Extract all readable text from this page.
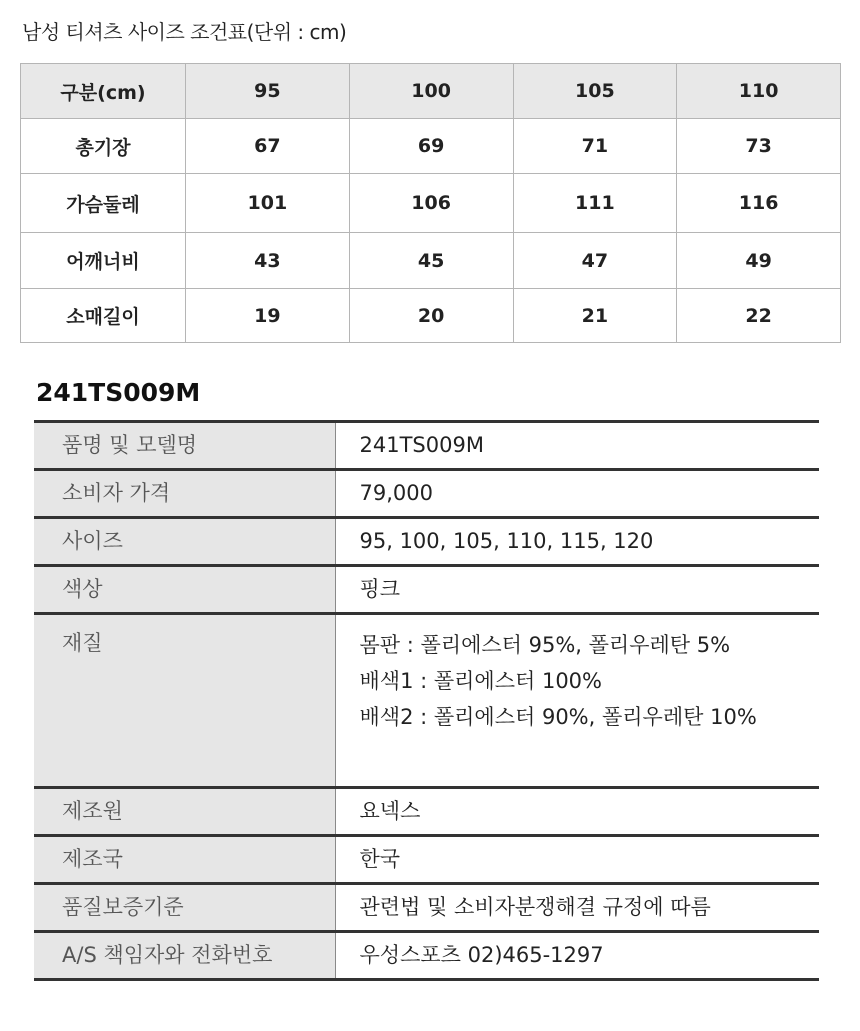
남성 티셔츠 사이즈 조건표(단위 : cm)
구분(cm)	95	100	105	110
총기장	67	69	71	73
가슴둘레	101	106	111	116
어깨너비	43	45	47	49
소매길이	19	20	21	22
241TS009M
품명 및 모델명	241TS009M
소비자 가격	79,000
사이즈	95, 100, 105, 110, 115, 120
색상	핑크
재질	몸판 : 폴리에스터 95%, 폴리우레탄 5%
배색1 : 폴리에스터 100%
배색2 : 폴리에스터 90%, 폴리우레탄 10%

제조원	요넥스
제조국	한국
품질보증기준	관련법 및 소비자분쟁해결 규정에 따름
A/S 책임자와 전화번호	우성스포츠 02)465-1297
